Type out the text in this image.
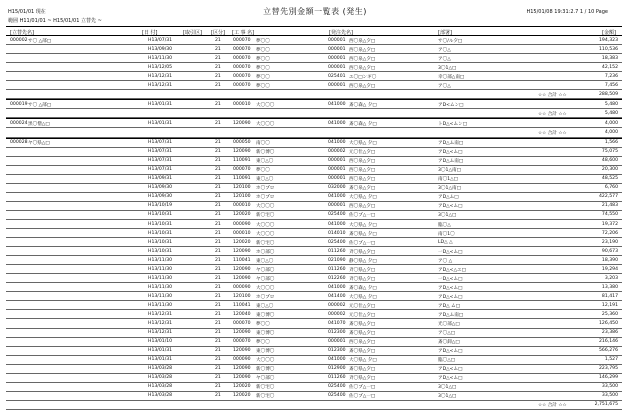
H15/01/01 現在	立替先別金額一覧表 (発生)	H15/01/08 19:31:2.7 1 / 10 Page
範囲 H11/01/01 ~ H15/01/01 立替先 ~
[立替先名]	[日 付]	[取引区] [区分] [工 事 名]	[発注先名]	[部署]	[金額]
000002 サ〇 △部□	H13/07/31	21	000070 夢〇〇	000001 西〇泉△夕□	サ〇/ル夕□	194,323
H13/09/30	21	000070 夢〇〇	000001 西〇泉△夕□	ア〇△	110,536
H13/11/30	21	000070 夢〇〇	000001 西〇泉△夕□	ア〇△	18,383
H13/12/05	21	000070 夢〇〇	000001 西〇泉△夕□	3〇1△□	42,152
H13/12/31	21	000070 夢〇〇	025401 エ〇□ンギ〇	幸〇部△南□	7,236
H13/12/31	21	000070 夢〇〇	000001 西〇泉△夕□	ア〇△	7,456
☆☆ 合計 ☆☆	288,509
000019 サ〇 △部□	H13/01/31	21	000010 大〇〇〇	041000 斎〇森△ 夕□	アD<ムン□	5,480
☆☆ 合計 ☆☆	5,480
000024 黒〇僧△□	H13/01/31	21	120090 大〇〇〇	041000 斎〇森△ 夕□	トD△<ムン□	4,000
☆☆ 合計 ☆☆	4,000
000028 ヤ〇県△□	H13/07/31	21	000050 南〇〇	041000 大〇県△ 夕□	アD△ム南□	1,566
H13/07/31	21	120090 新〇博〇	000002 元〇仕△夕□	アD△<ム□	75,075
H13/07/31	21	110091 東〇△〇	000001 西〇泉△夕□	アD△ム南□	48,600
H13/07/31	21	000070 夢〇〇	000001 西〇泉△夕□	3〇1△南□	20,300
H13/09/31	21	110091 東〇△〇	000001 西〇泉△夕□	南〇1△□	48,525
H13/09/30	21	120100 ホ〇プロ	032000 斎〇泉△夕□	3〇1△南□	6,760
H13/09/30	21	120100 ホ〇プロ	041000 大〇県△ 夕□	アD△ム□	422,577
H13/10/19	21	000010 大〇〇〇	000001 西〇泉△夕□	アD△<ム□	21,483
H13/10/31	21	120020 新〇宅〇	025400 佐〇プ△一□	3〇1△□	74,550
H13/10/31	21	000090 大〇〇〇	041000 大〇県△ 夕□	臨〇△	19,372
H13/10/31	21	000010 大〇〇〇	014010 斎〇県△ 夕□	南〇1〇	72,206
H13/10/31	21	120020 新〇宅〇	025400 佐〇プ△一□	LD△ △	23,190
H13/10/31	21	120090 ホ〇部〇	011260 斉〇県△夕□	一D△<ム□	90,673
H13/11/30	21	110041 東〇△〇	021090 静〇県△ 夕□	ア〇 △	18,390
H13/11/30	21	120090 ヤ〇部〇	011260 斉〇県△夕□	アD△<△ユ□	19,294
H13/11/30	21	120090 ヤ〇部〇	012260 斉〇県△夕□	一D△<ム□	3,203
H13/11/30	21	000090 大〇〇〇	041000 斎〇森△ 夕□	アD△<ム□	13,380
H13/11/30	21	120100 ホ〇プロ	041400 大〇県△ 夕□	アD△<ム□	81,417
H13/11/30	21	110041 東〇△〇	000002 元〇仕△夕□	アD△ ム□	12,191
H13/12/31	21	120040 東〇博〇	000002 元〇仕△夕□	アD△ム南□	25,360
H13/12/31	21	000070 夢〇〇	041070 斎〇県△夕□	光〇部△□	126,450
H13/12/31	21	120090 東〇博〇	012300 斎〇県△夕□	ア〇△□	23,386
H13/01/10	21	000070 夢〇〇	000001 西〇泉△夕□	斎〇卸△□	216,146
H13/01/31	21	120090 東〇博〇	012300 斎〇県△夕□	アD△<ム□	566,276
H13/01/31	21	000090 大〇〇〇	041000 大〇県△ 夕□	臨〇△□	1,527
H13/03/28	21	120090 新〇博〇	012900 斎〇県△夕□	アD△<ム□	223,795
H13/03/28	21	120090 ヤ〇部〇	011260 斉〇県△夕□	アD△<ム□	146,299
H13/03/28	21	120020 新〇宅〇	025400 佐〇プ△一□	3〇1△□	33,500
H13/03/28	21	120020 新〇宅〇	025400 佐〇プ△一□	3〇1△□	33,500
☆☆ 合計 ☆☆	2,751,675
